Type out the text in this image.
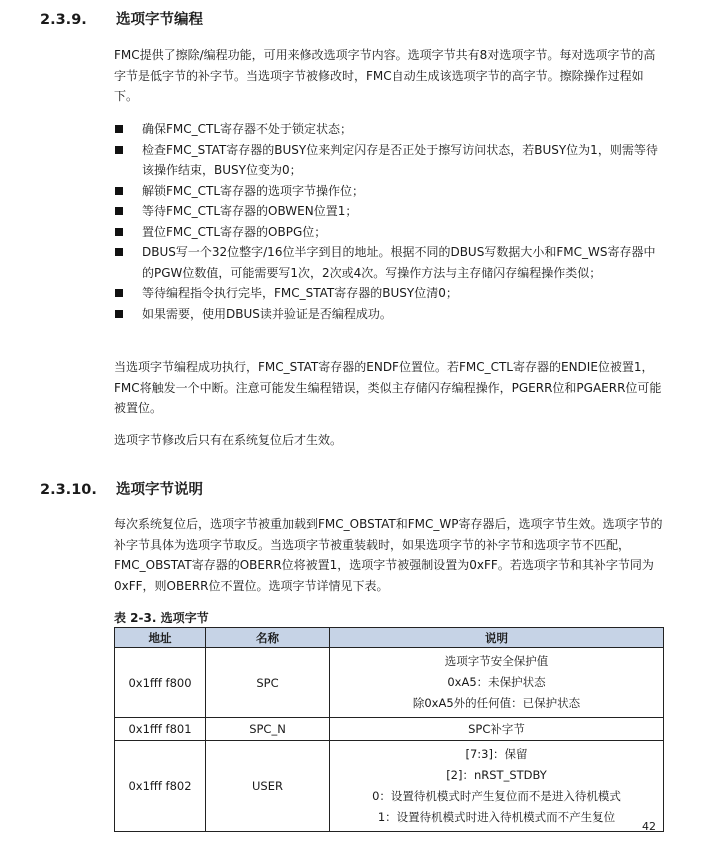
2.3.9. 选项字节编程
FMC提供了擦除/编程功能，可用来修改选项字节内容。选项字节共有8对选项字节。每对选项字节的高字节是低字节的补字节。当选项字节被修改时，FMC自动生成该选项字节的高字节。擦除操作过程如下。
确保FMC_CTL寄存器不处于锁定状态；
检查FMC_STAT寄存器的BUSY位来判定闪存是否正处于擦写访问状态，若BUSY位为1，则需等待该操作结束，BUSY位变为0；
解锁FMC_CTL寄存器的选项字节操作位；
等待FMC_CTL寄存器的OBWEN位置1；
置位FMC_CTL寄存器的OBPG位；
DBUS写一个32位整字/16位半字到目的地址。根据不同的DBUS写数据大小和FMC_WS寄存器中的PGW位数值，可能需要写1次，2次或4次。写操作方法与主存储闪存编程操作类似；
等待编程指令执行完毕，FMC_STAT寄存器的BUSY位清0；
如果需要，使用DBUS读并验证是否编程成功。
当选项字节编程成功执行，FMC_STAT寄存器的ENDF位置位。若FMC_CTL寄存器的ENDIE位被置1，FMC将触发一个中断。注意可能发生编程错误，类似主存储闪存编程操作，PGERR位和PGAERR位可能被置位。
选项字节修改后只有在系统复位后才生效。
2.3.10. 选项字节说明
每次系统复位后，选项字节被重加载到FMC_OBSTAT和FMC_WP寄存器后，选项字节生效。选项字节的补字节具体为选项字节取反。当选项字节被重装载时，如果选项字节的补字节和选项字节不匹配，FMC_OBSTAT寄存器的OBERR位将被置1，选项字节被强制设置为0xFF。若选项字节和其补字节同为0xFF，则OBERR位不置位。选项字节详情见下表。
表 2-3. 选项字节
地址	名称	说明
0x1fff f800	SPC	选项字节安全保护值
0xA5：未保护状态
除0xA5外的任何值：已保护状态

0x1fff f801	SPC_N	SPC补字节
0x1fff f802	USER	[7:3]：保留
[2]：nRST_STDBY
0：设置待机模式时产生复位而不是进入待机模式
1：设置待机模式时进入待机模式而不产生复位
42
